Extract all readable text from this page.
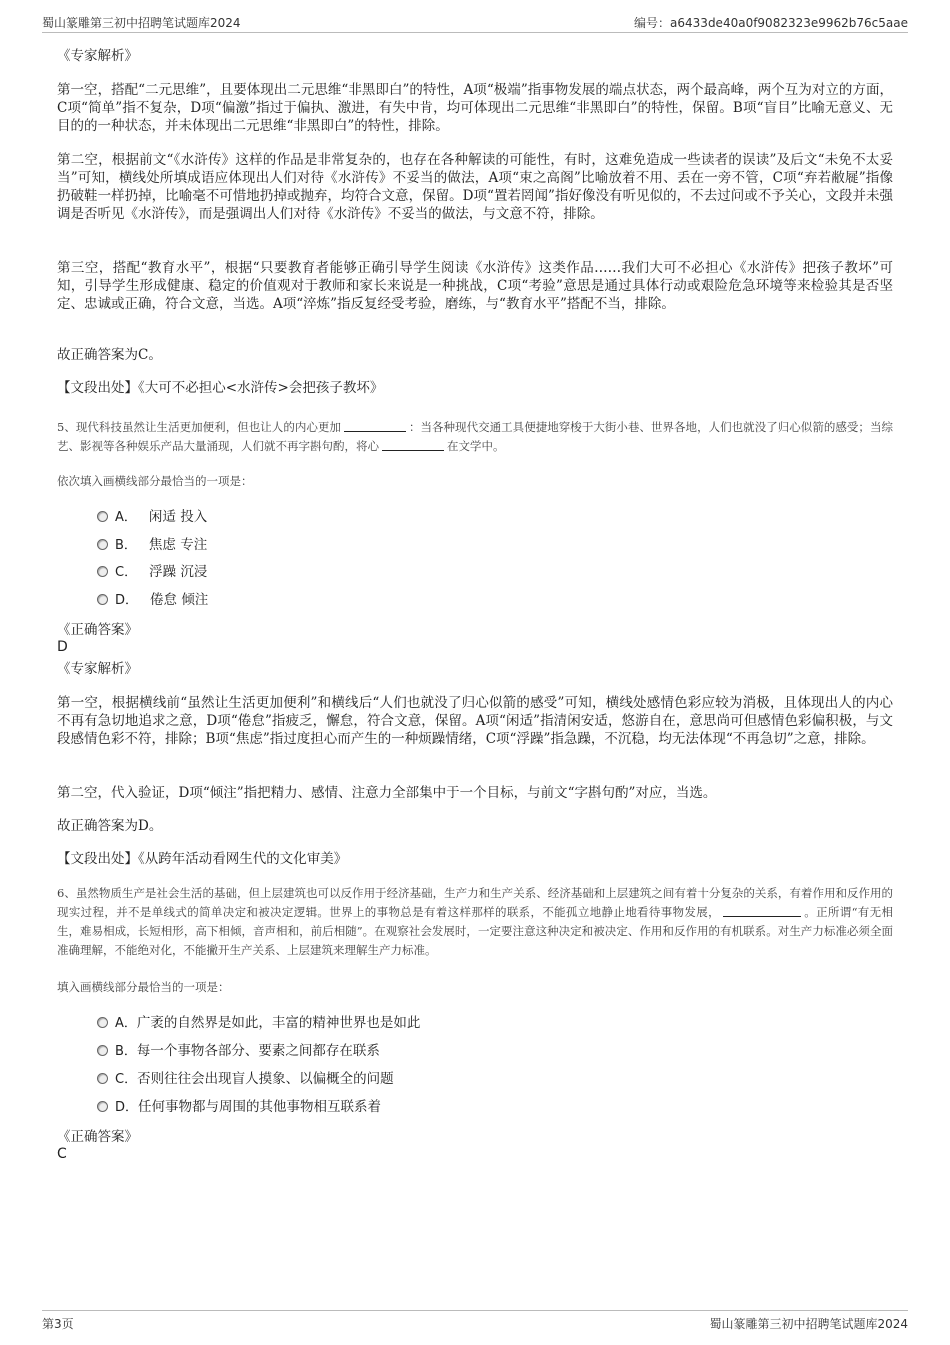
蜀山篆雕第三初中招聘笔试题库2024	编号：a6433de40a0f9082323e9962b76c5aae
《专家解析》

第一空，搭配“二元思维”，且要体现出二元思维“非黑即白”的特性，A项“极端”指事物发展的端点状态，两个最高峰，两个互为对立的方面，C项“简单”指不复杂，D项“偏激”指过于偏执、激进，有失中肯，均可体现出二元思维“非黑即白”的特性，保留。B项“盲目”比喻无意义、无目的的一种状态，并未体现出二元思维“非黑即白”的特性，排除。

第二空，根据前文“《水浒传》这样的作品是非常复杂的，也存在各种解读的可能性，有时，这难免造成一些读者的误读”及后文“未免不太妥当”可知，横线处所填成语应体现出人们对待《水浒传》不妥当的做法，A项“束之高阁”比喻放着不用、丢在一旁不管，C项“弃若敝屣”指像扔破鞋一样扔掉，比喻毫不可惜地扔掉或抛弃，均符合文意，保留。D项“置若罔闻”指好像没有听见似的，不去过问或不予关心，文段并未强调是否听见《水浒传》，而是强调出人们对待《水浒传》不妥当的做法，与文意不符，排除。

第三空，搭配“教育水平”，根据“只要教育者能够正确引导学生阅读《水浒传》这类作品……我们大可不必担心《水浒传》把孩子教坏”可知，引导学生形成健康、稳定的价值观对于教师和家长来说是一种挑战，C项“考验”意思是通过具体行动或艰险危急环境等来检验其是否坚定、忠诚或正确，符合文意，当选。A项“淬炼”指反复经受考验，磨练，与“教育水平”搭配不当，排除。

故正确答案为C。
【文段出处】《大可不必担心<水浒传>会把孩子教坏》

5、现代科技虽然让生活更加便利，但也让人的内心更加	：当各种现代交通工具便捷地穿梭于大街小巷、世界各地，人们也就没了归心似箭的感受；当综艺、影视等各种娱乐产品大量涌现，人们就不再字斟句酌，将心	在文学中。

依次填入画横线部分最恰当的一项是：
A． 闲适 投入
B． 焦虑 专注
C． 浮躁 沉浸
D． 倦怠 倾注
《正确答案》
D
《专家解析》

第一空，根据横线前“虽然让生活更加便利”和横线后“人们也就没了归心似箭的感受”可知，横线处感情色彩应较为消极，且体现出人的内心不再有急切地追求之意，D项“倦怠”指疲乏，懈怠，符合文意，保留。A项“闲适”指清闲安适，悠游自在，意思尚可但感情色彩偏积极，与文段感情色彩不符，排除；B项“焦虑”指过度担心而产生的一种烦躁情绪，C项“浮躁”指急躁，不沉稳，均无法体现“不再急切”之意，排除。

第二空，代入验证，D项“倾注”指把精力、感情、注意力全部集中于一个目标，与前文“字斟句酌”对应，当选。

故正确答案为D。
【文段出处】《从跨年活动看网生代的文化审美》

6、虽然物质生产是社会生活的基础，但上层建筑也可以反作用于经济基础，生产力和生产关系、经济基础和上层建筑之间有着十分复杂的关系，有着作用和反作用的现实过程，并不是单线式的简单决定和被决定逻辑。世界上的事物总是有着这样那样的联系，不能孤立地静止地看待事物发展，	。正所谓“有无相生，难易相成，长短相形，高下相倾，音声相和，前后相随”。在观察社会发展时，一定要注意这种决定和被决定、作用和反作用的有机联系。对生产力标准必须全面准确理解，不能绝对化，不能撇开生产关系、上层建筑来理解生产力标准。

填入画横线部分最恰当的一项是：
A．广袤的自然界是如此，丰富的精神世界也是如此
B．每一个事物各部分、要素之间都存在联系
C．否则往往会出现盲人摸象、以偏概全的问题
D．任何事物都与周围的其他事物相互联系着
《正确答案》
C
第3页	蜀山篆雕第三初中招聘笔试题库2024
